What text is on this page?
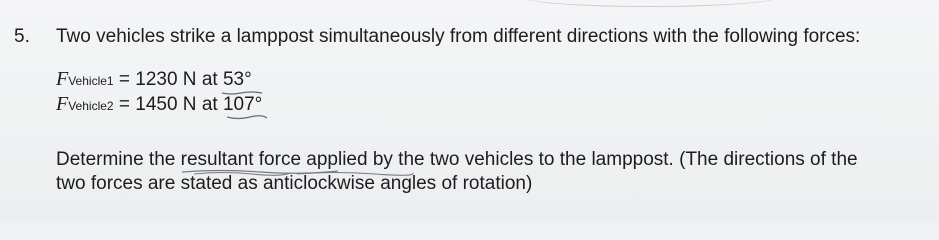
5. Two vehicles strike a lamppost simultaneously from different directions with the following forces:
FVehicle1 = 1230 N at 53°
FVehicle2 = 1450 N at 107°
Determine the resultant force applied by the two vehicles to the lamppost. (The directions of the
two forces are stated as anticlockwise angles of rotation)
